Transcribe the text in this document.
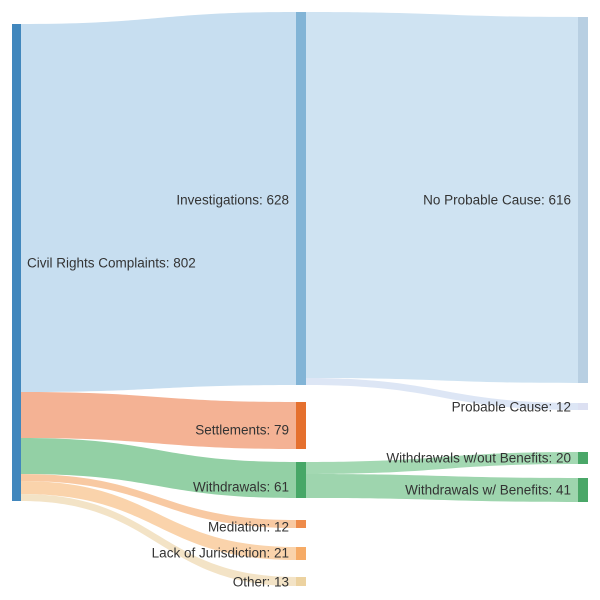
Civil Rights Complaints: 802
Investigations: 628
Settlements: 79
Withdrawals: 61
Mediation: 12
Lack of Jurisdiction: 21
Other: 13
No Probable Cause: 616
Probable Cause: 12
Withdrawals w/out Benefits: 20
Withdrawals w/ Benefits: 41
